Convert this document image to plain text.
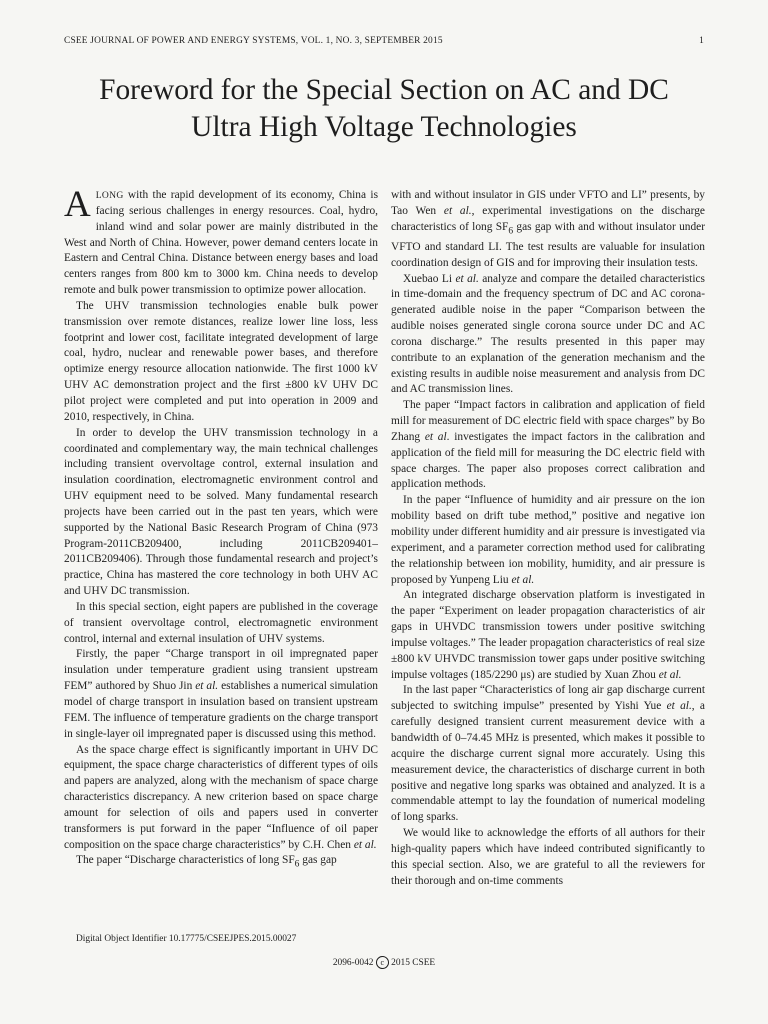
CSEE JOURNAL OF POWER AND ENERGY SYSTEMS, VOL. 1, NO. 3, SEPTEMBER 2015	1
Foreword for the Special Section on AC and DC
Ultra High Voltage Technologies

ALONG with the rapid development of its economy, China is facing serious challenges in energy resources. Coal, hydro, inland wind and solar power are mainly distributed in the West and North of China. However, power demand centers locate in Eastern and Central China. Distance between energy bases and load centers ranges from 800 km to 3000 km. China needs to develop remote and bulk power transmission to optimize power allocation.

The UHV transmission technologies enable bulk power transmission over remote distances, realize lower line loss, less footprint and lower cost, facilitate integrated development of large coal, hydro, nuclear and renewable power bases, and therefore optimize energy resource allocation nationwide. The first 1000 kV UHV AC demonstration project and the first ±800 kV UHV DC pilot project were completed and put into operation in 2009 and 2010, respectively, in China.

In order to develop the UHV transmission technology in a coordinated and complementary way, the main technical challenges including transient overvoltage control, external insulation and insulation coordination, electromagnetic environment control and UHV equipment need to be solved. Many fundamental research projects have been carried out in the past ten years, which were supported by the National Basic Research Program of China (973 Program-2011CB209400, including 2011CB209401–2011CB209406). Through those fundamental research and project’s practice, China has mastered the core technology in both UHV AC and UHV DC transmission.

In this special section, eight papers are published in the coverage of transient overvoltage control, electromagnetic environment control, internal and external insulation of UHV systems.

Firstly, the paper “Charge transport in oil impregnated paper insulation under temperature gradient using transient upstream FEM” authored by Shuo Jin et al. establishes a numerical simulation model of charge transport in insulation based on transient upstream FEM. The influence of temperature gradients on the charge transport in single-layer oil impregnated paper is discussed using this method.

As the space charge effect is significantly important in UHV DC equipment, the space charge characteristics of different types of oils and papers are analyzed, along with the mechanism of space charge characteristics discrepancy. A new criterion based on space charge amount for selection of oils and papers used in converter transformers is put forward in the paper “Influence of oil paper composition on the space charge characteristics” by C.H. Chen et al.

The paper “Discharge characteristics of long $SF_6$ gas gap

with and without insulator in GIS under VFTO and LI” presents, by Tao Wen et al., experimental investigations on the discharge characteristics of long $SF_6$ gas gap with and without insulator under VFTO and standard LI. The test results are valuable for insulation coordination design of GIS and for improving their insulation tests.

Xuebao Li et al. analyze and compare the detailed characteristics in time-domain and the frequency spectrum of DC and AC corona-generated audible noise in the paper “Comparison between the audible noises generated single corona source under DC and AC corona discharge.” The results presented in this paper may contribute to an explanation of the generation mechanism and the existing results in audible noise measurement and analysis from DC and AC transmission lines.

The paper “Impact factors in calibration and application of field mill for measurement of DC electric field with space charges” by Bo Zhang et al. investigates the impact factors in the calibration and application of the field mill for measuring the DC electric field with space charges. The paper also proposes correct calibration and application methods.

In the paper “Influence of humidity and air pressure on the ion mobility based on drift tube method,” positive and negative ion mobility under different humidity and air pressure is investigated via experiment, and a parameter correction method used for calibrating the relationship between ion mobility, humidity, and air pressure is proposed by Yunpeng Liu et al.

An integrated discharge observation platform is investigated in the paper “Experiment on leader propagation characteristics of air gaps in UHVDC transmission towers under positive switching impulse voltages.” The leader propagation characteristics of real size ±800 kV UHVDC transmission tower gaps under positive switching impulse voltages (185/2290 μs) are studied by Xuan Zhou et al.

In the last paper “Characteristics of long air gap discharge current subjected to switching impulse” presented by Yishi Yue et al., a carefully designed transient current measurement device with a bandwidth of 0–74.45 MHz is presented, which makes it possible to acquire the discharge current signal more accurately. Using this measurement device, the characteristics of discharge current in both positive and negative long sparks was obtained and analyzed. It is a commendable attempt to lay the foundation of numerical modeling of long sparks.

We would like to acknowledge the efforts of all authors for their high-quality papers which have indeed contributed significantly to this special section. Also, we are grateful to all the reviewers for their thorough and on-time comments

Digital Object Identifier 10.17775/CSEEJPES.2015.00027
2096-0042 c 2015 CSEE
